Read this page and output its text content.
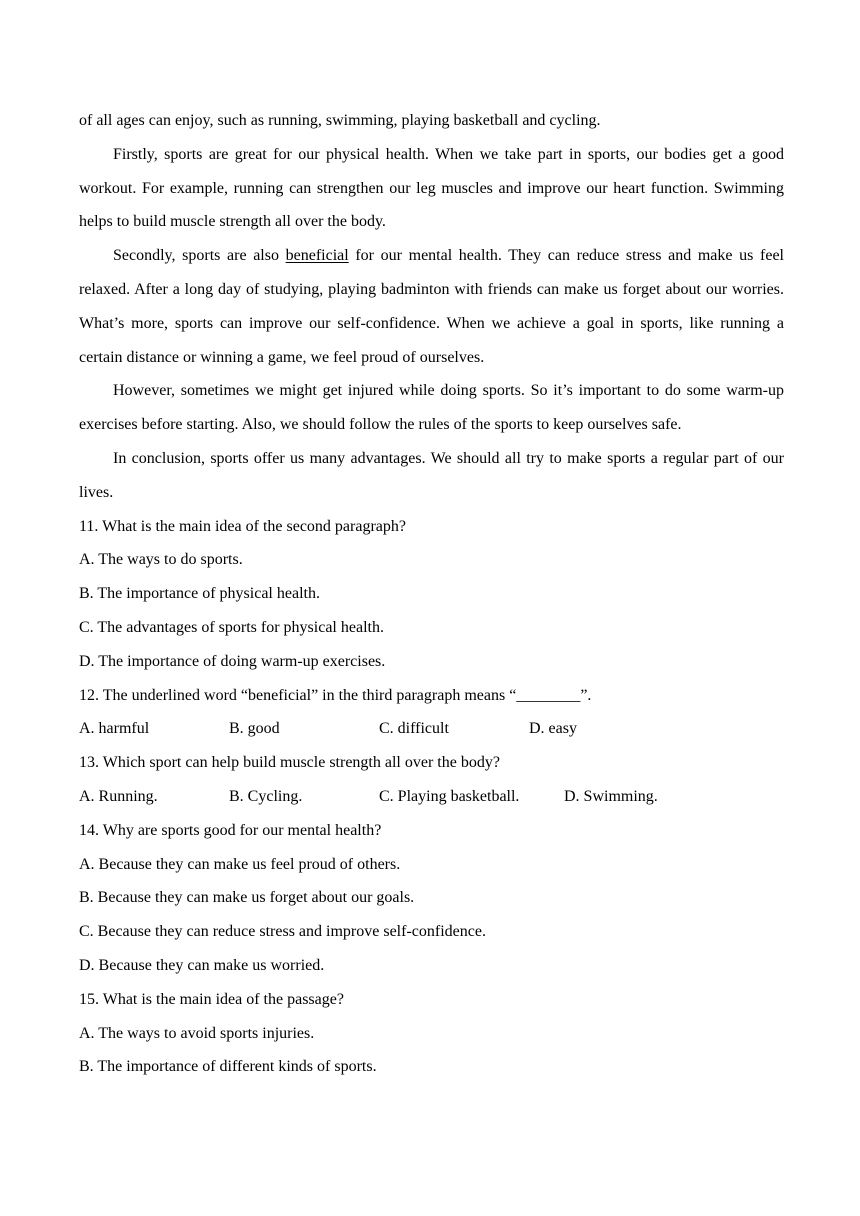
of all ages can enjoy, such as running, swimming, playing basketball and cycling.
Firstly, sports are great for our physical health. When we take part in sports, our bodies get a good workout. For example, running can strengthen our leg muscles and improve our heart function. Swimming helps to build muscle strength all over the body.
Secondly, sports are also beneficial for our mental health. They can reduce stress and make us feel relaxed. After a long day of studying, playing badminton with friends can make us forget about our worries. What’s more, sports can improve our self-confidence. When we achieve a goal in sports, like running a certain distance or winning a game, we feel proud of ourselves.
However, sometimes we might get injured while doing sports. So it’s important to do some warm-up exercises before starting. Also, we should follow the rules of the sports to keep ourselves safe.
In conclusion, sports offer us many advantages. We should all try to make sports a regular part of our lives.
11. What is the main idea of the second paragraph?
A. The ways to do sports.
B. The importance of physical health.
C. The advantages of sports for physical health.
D. The importance of doing warm-up exercises.
12. The underlined word “beneficial” in the third paragraph means “________”.
A. harmful	B. good	C. difficult	D. easy
13. Which sport can help build muscle strength all over the body?
A. Running.	B. Cycling.	C. Playing basketball.	D. Swimming.
14. Why are sports good for our mental health?
A. Because they can make us feel proud of others.
B. Because they can make us forget about our goals.
C. Because they can reduce stress and improve self-confidence.
D. Because they can make us worried.
15. What is the main idea of the passage?
A. The ways to avoid sports injuries.
B. The importance of different kinds of sports.
